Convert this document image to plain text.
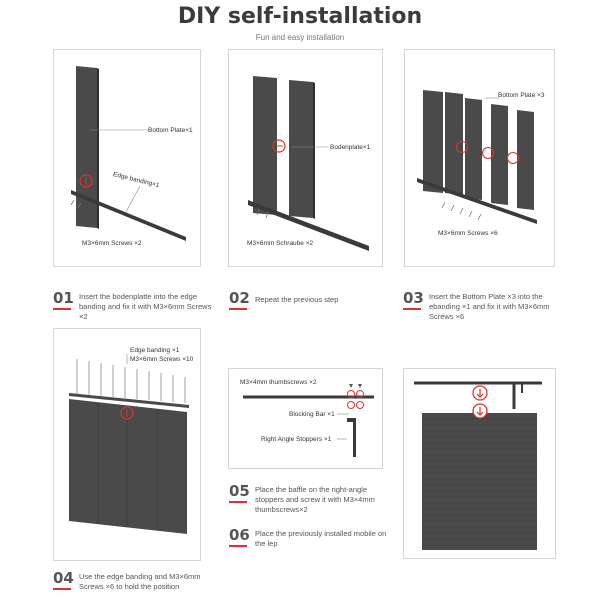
DIY self-installation
Fun and easy installation
Bottom Plate×1
Edge banding×1
M3×6mm Screws ×2
Bodenplate×1
M3×6mm Schraube ×2
Bottom Plate ×3
M3×6mm Screws ×6
01 Insert the bodenplatte into the edge banding and fix it with M3×6mm Screws ×2
02 Repeat the previous step	03 Insert the Bottom Plate ×3 into the ebanding ×1 and fix it with M3×6mm Screws ×6
Edge banding ×1
M3×6mm Screws ×10
M3×4mm thumbscrews ×2
Blocking Bar ×1
Right Angle Stoppers ×1
05 Place the baffle on the right-angle stoppers and screw it with M3×4mm thumbscrews×2
06 Place the previously installed mobile on the lep
04 Use the edge banding and M3×6mm Screws ×6 to hold the position
